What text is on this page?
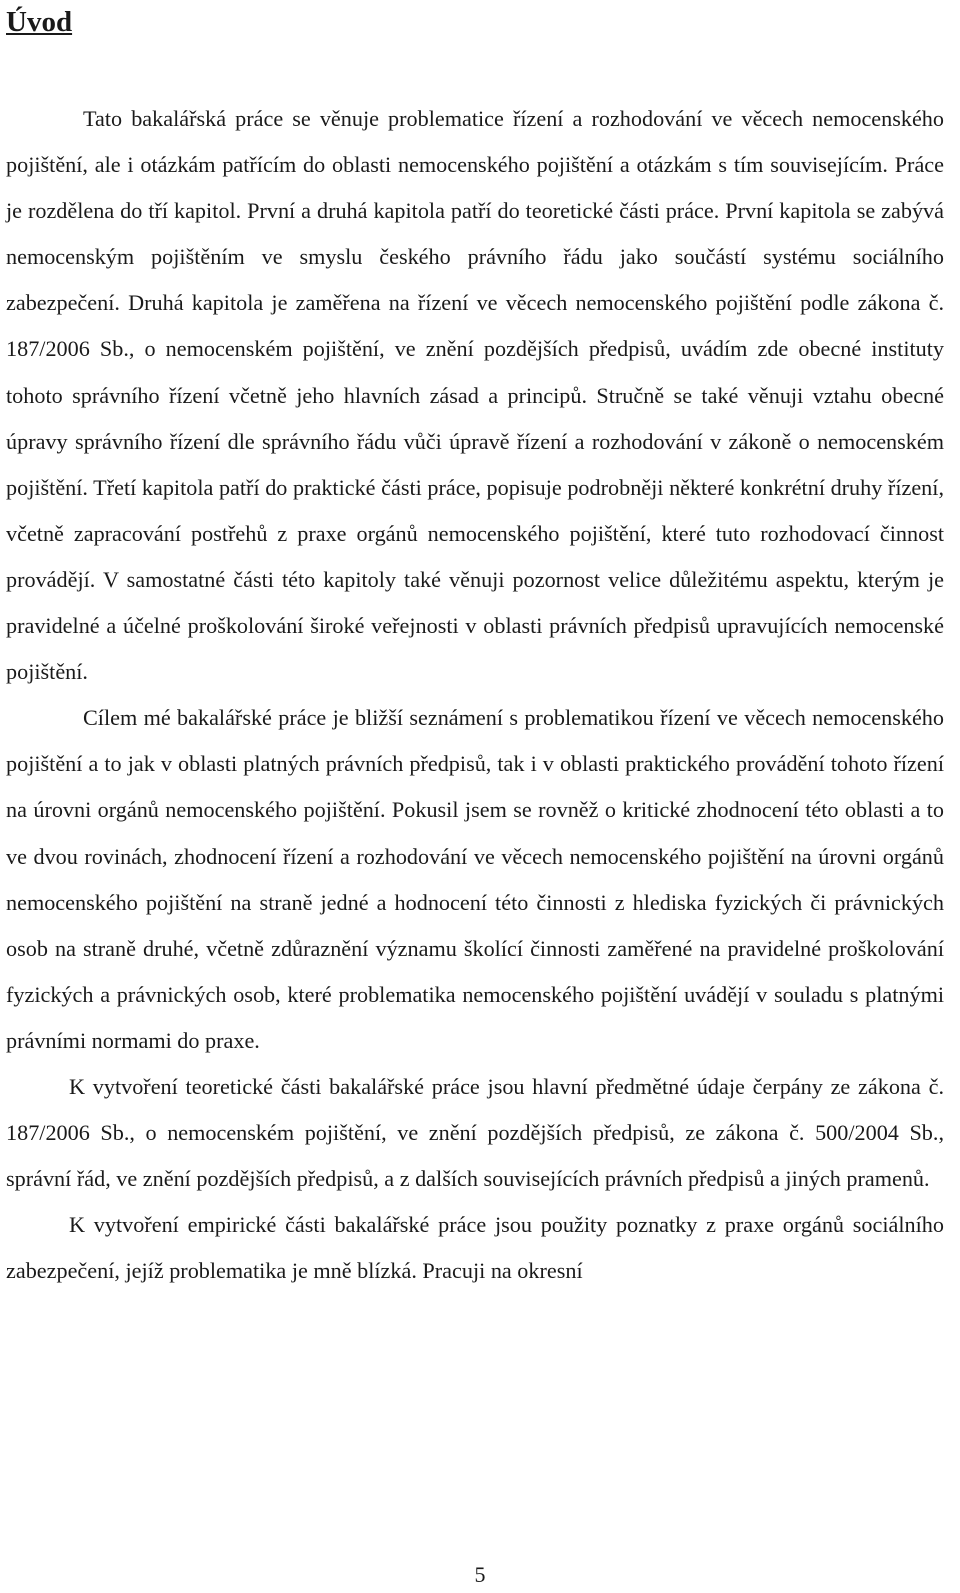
Úvod

Tato bakalářská práce se věnuje problematice řízení a rozhodování ve věcech nemocenského pojištění, ale i otázkám patřícím do oblasti nemocenského pojištění a otázkám s tím souvisejícím. Práce je rozdělena do tří kapitol. První a druhá kapitola patří do teoretické části práce. První kapitola se zabývá nemocenským pojištěním ve smyslu českého právního řádu jako součástí systému sociálního zabezpečení. Druhá kapitola je zaměřena na řízení ve věcech nemocenského pojištění podle zákona č. 187/2006 Sb., o nemocenském pojištění, ve znění pozdějších předpisů, uvádím zde obecné instituty tohoto správního řízení včetně jeho hlavních zásad a principů. Stručně se také věnuji vztahu obecné úpravy správního řízení dle správního řádu vůči úpravě řízení a rozhodování v zákoně o nemocenském pojištění. Třetí kapitola patří do praktické části práce, popisuje podrobněji některé konkrétní druhy řízení, včetně zapracování postřehů z praxe orgánů nemocenského pojištění, které tuto rozhodovací činnost provádějí. V samostatné části této kapitoly také věnuji pozornost velice důležitému aspektu, kterým je pravidelné a účelné proškolování široké veřejnosti v oblasti právních předpisů upravujících nemocenské pojištění.

Cílem mé bakalářské práce je bližší seznámení s problematikou řízení ve věcech nemocenského pojištění a to jak v oblasti platných právních předpisů, tak i v oblasti praktického provádění tohoto řízení na úrovni orgánů nemocenského pojištění. Pokusil jsem se rovněž o kritické zhodnocení této oblasti a to ve dvou rovinách, zhodnocení řízení a rozhodování ve věcech nemocenského pojištění na úrovni orgánů nemocenského pojištění na straně jedné a hodnocení této činnosti z hlediska fyzických či právnických osob na straně druhé, včetně zdůraznění významu školící činnosti zaměřené na pravidelné proškolování fyzických a právnických osob, které problematika nemocenského pojištění uvádějí v souladu s platnými právními normami do praxe.

K vytvoření teoretické části bakalářské práce jsou hlavní předmětné údaje čerpány ze zákona č. 187/2006 Sb., o nemocenském pojištění, ve znění pozdějších předpisů, ze zákona č. 500/2004 Sb., správní řád, ve znění pozdějších předpisů, a z dalších souvisejících právních předpisů a jiných pramenů.

K vytvoření empirické části bakalářské práce jsou použity poznatky z praxe orgánů sociálního zabezpečení, jejíž problematika je mně blízká. Pracuji na okresní

5
